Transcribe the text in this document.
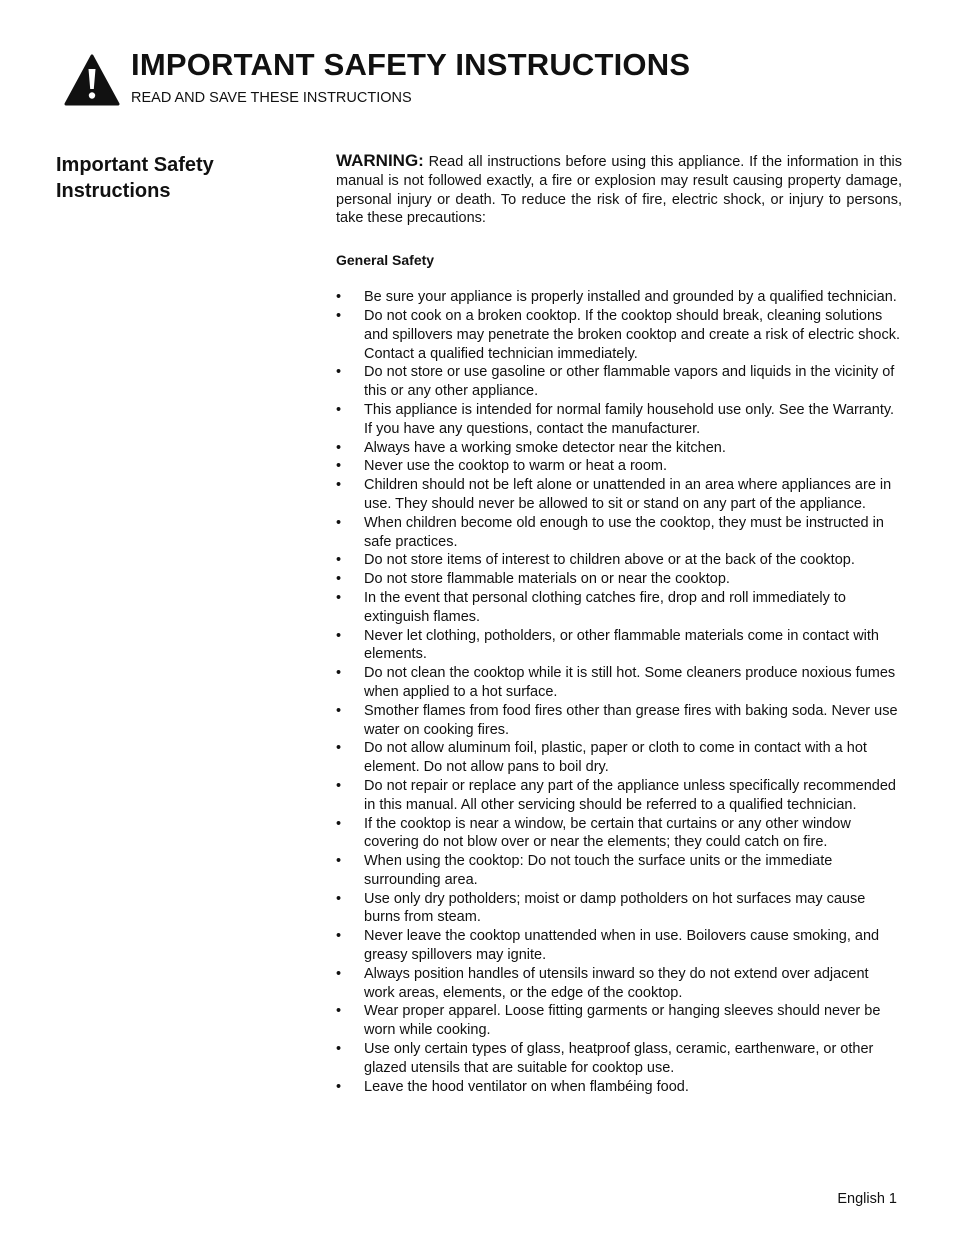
IMPORTANT SAFETY INSTRUCTIONS

READ AND SAVE THESE INSTRUCTIONS

Important Safety Instructions

WARNING: Read all instructions before using this appliance. If the information in this manual is not followed exactly, a fire or explosion may result causing property damage, personal injury or death. To reduce the risk of fire, electric shock, or injury to persons, take these precautions:

General Safety
• Be sure your appliance is properly installed and grounded by a qualified technician.
• Do not cook on a broken cooktop. If the cooktop should break, cleaning solutions and spillovers may penetrate the broken cooktop and create a risk of electric shock. Contact a qualified technician immediately.
• Do not store or use gasoline or other flammable vapors and liquids in the vicinity of this or any other appliance.
• This appliance is intended for normal family household use only. See the Warranty. If you have any questions, contact the manufacturer.
• Always have a working smoke detector near the kitchen.
• Never use the cooktop to warm or heat a room.
• Children should not be left alone or unattended in an area where appliances are in use. They should never be allowed to sit or stand on any part of the appliance.
• When children become old enough to use the cooktop, they must be instructed in safe practices.
• Do not store items of interest to children above or at the back of the cooktop.
• Do not store flammable materials on or near the cooktop.
• In the event that personal clothing catches fire, drop and roll immediately to extinguish flames.
• Never let clothing, potholders, or other flammable materials come in contact with elements.
• Do not clean the cooktop while it is still hot. Some cleaners produce noxious fumes when applied to a hot surface.
• Smother flames from food fires other than grease fires with baking soda. Never use water on cooking fires.
• Do not allow aluminum foil, plastic, paper or cloth to come in contact with a hot element. Do not allow pans to boil dry.
• Do not repair or replace any part of the appliance unless specifically recommended in this manual. All other servicing should be referred to a qualified technician.
• If the cooktop is near a window, be certain that curtains or any other window covering do not blow over or near the elements; they could catch on fire.
• When using the cooktop: Do not touch the surface units or the immediate surrounding area.
• Use only dry potholders; moist or damp potholders on hot surfaces may cause burns from steam.
• Never leave the cooktop unattended when in use. Boilovers cause smoking, and greasy spillovers may ignite.
• Always position handles of utensils inward so they do not extend over adjacent work areas, elements, or the edge of the cooktop.
• Wear proper apparel. Loose fitting garments or hanging sleeves should never be worn while cooking.
• Use only certain types of glass, heatproof glass, ceramic, earthenware, or other glazed utensils that are suitable for cooktop use.
• Leave the hood ventilator on when flambéing food.
English 1
